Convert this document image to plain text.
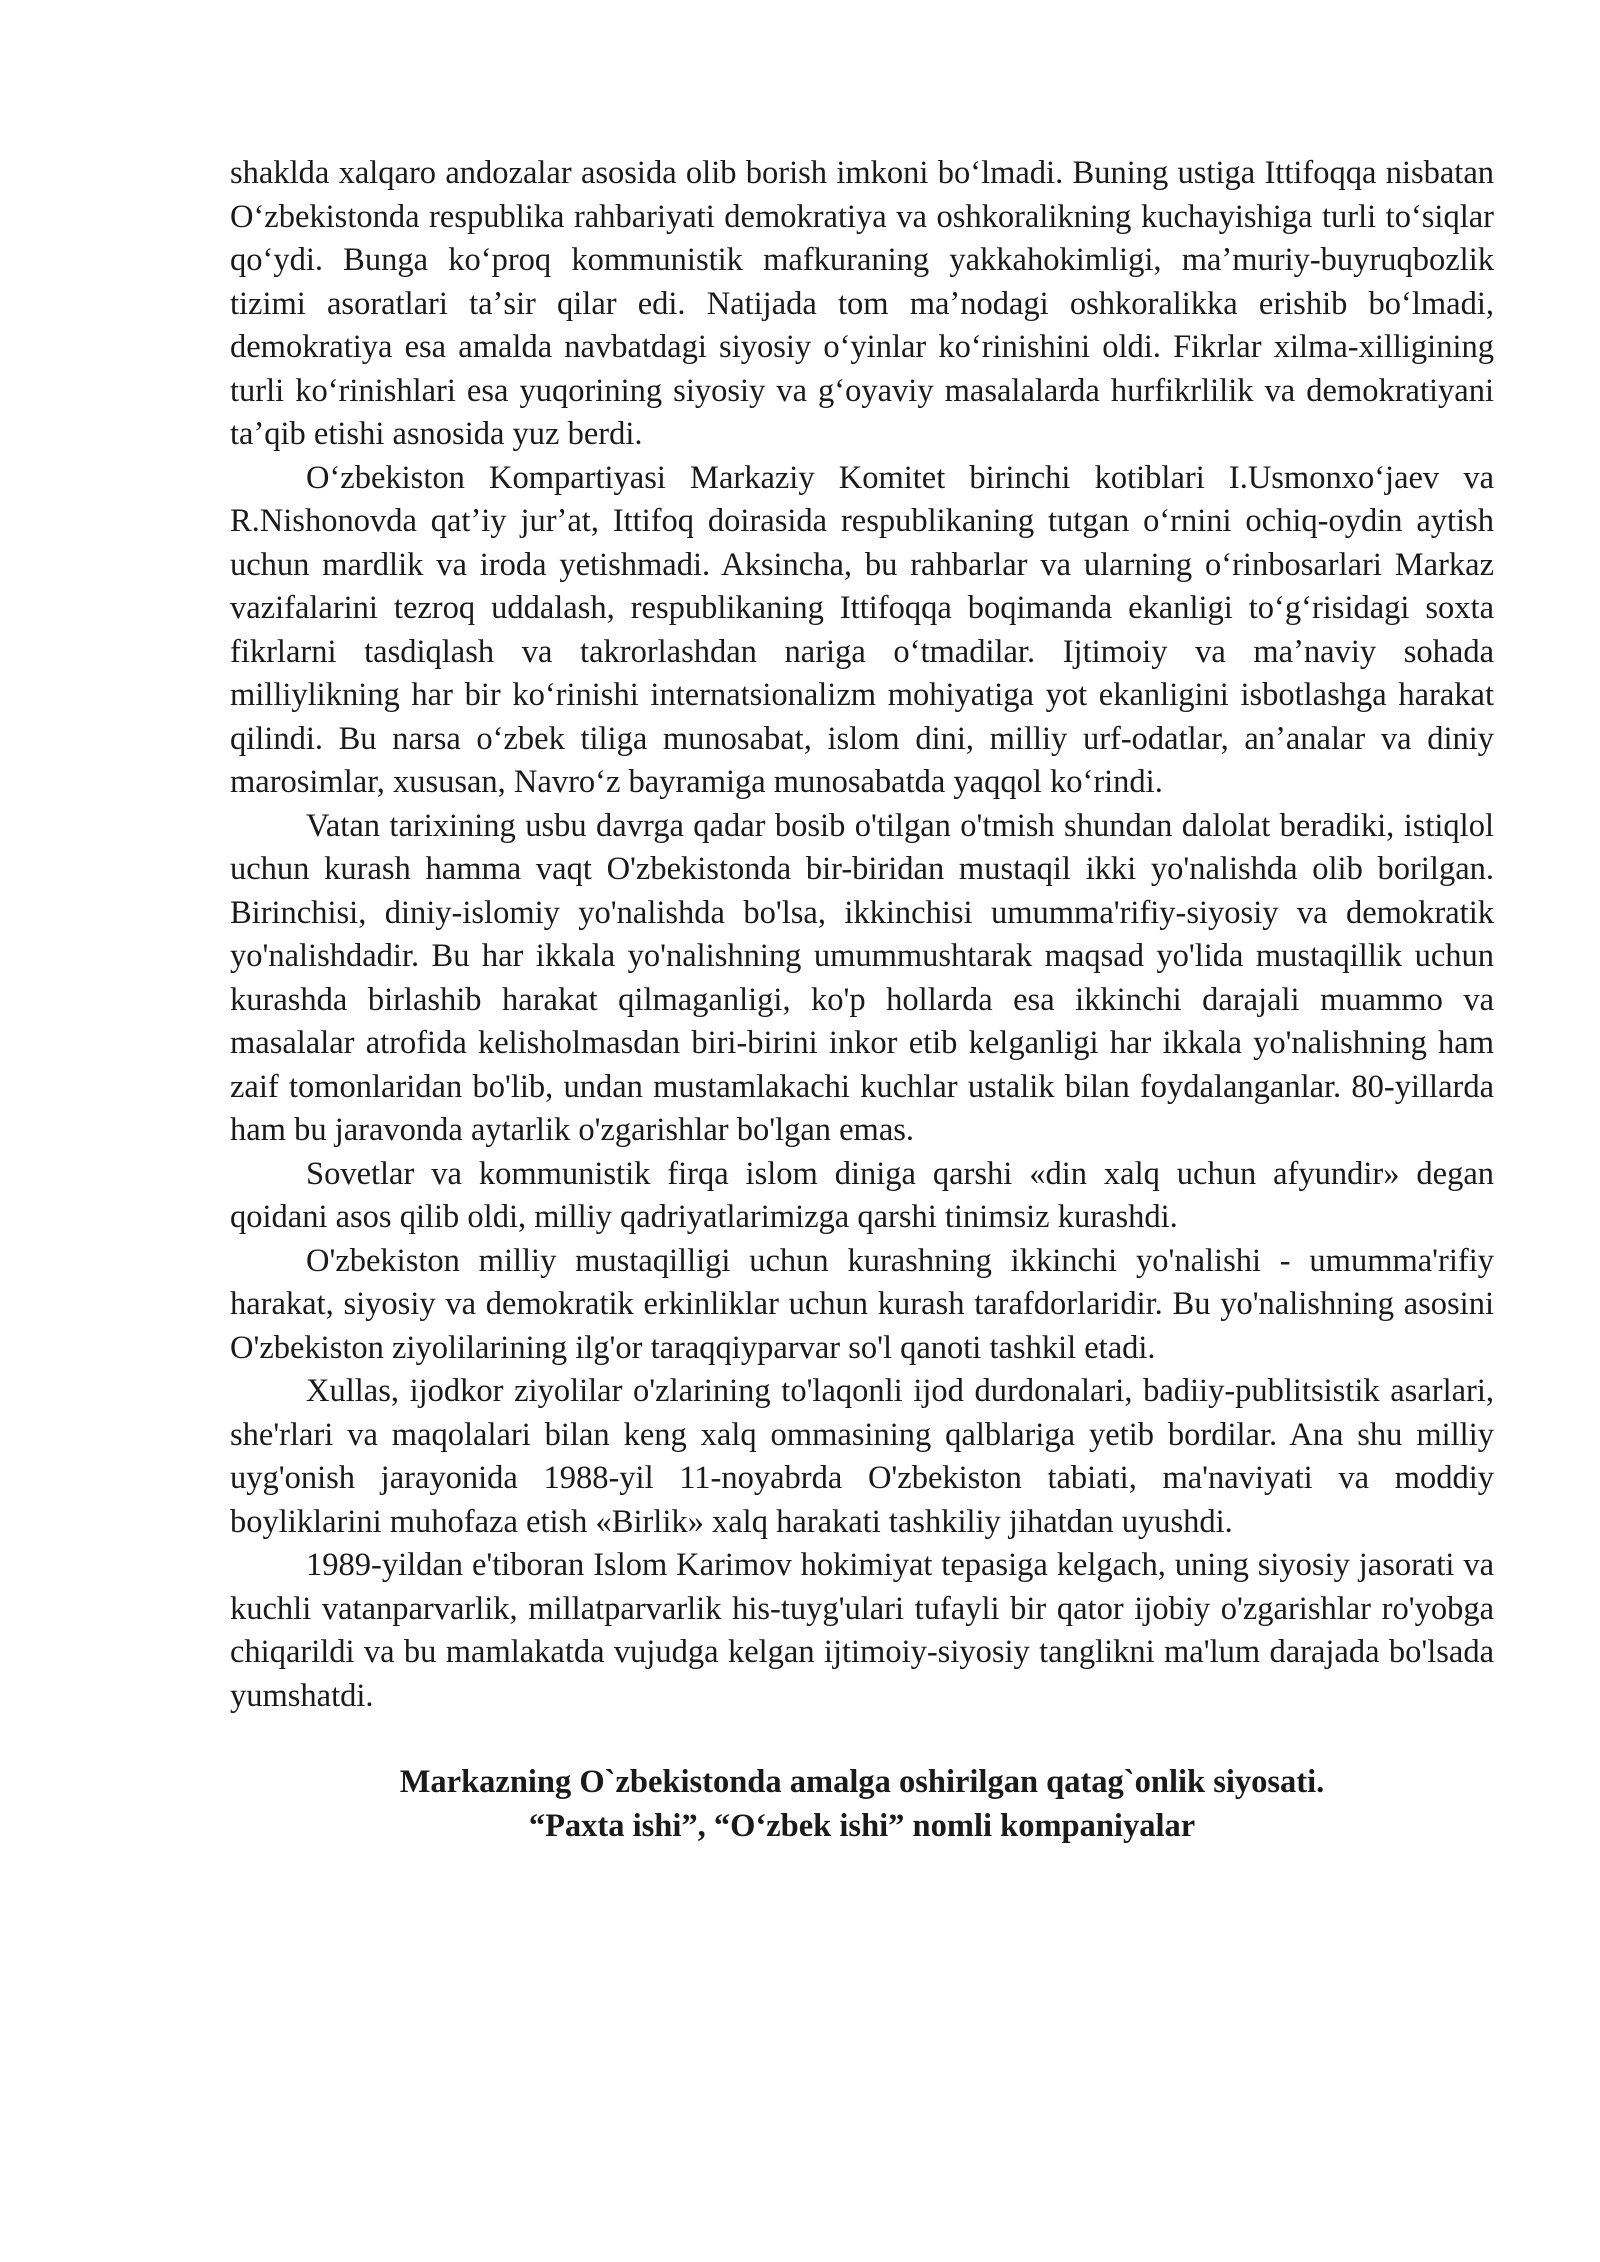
shaklda xalqaro andozalar asosida olib borish imkoni boʻlmadi. Buning ustiga Ittifoqqa nisbatan Oʻzbekistonda respublika rahbariyati demokratiya va oshkoralikning kuchayishiga turli toʻsiqlar qoʻydi. Bunga koʻproq kommunistik mafkuraning yakkahokimligi, maʼmuriy-buyruqbozlik tizimi asoratlari taʼsir qilar edi. Natijada tom maʼnodagi oshkoralikka erishib boʻlmadi, demokratiya esa amalda navbatdagi siyosiy oʻyinlar koʻrinishini oldi. Fikrlar xilma-xilligining turli koʻrinishlari esa yuqorining siyosiy va gʻoyaviy masalalarda hurfikrlilik va demokratiyani taʼqib etishi asnosida yuz berdi.

Oʻzbekiston Kompartiyasi Markaziy Komitet birinchi kotiblari I.Usmonxoʻjaev va R.Nishonovda qatʼiy jurʼat, Ittifoq doirasida respublikaning tutgan oʻrnini ochiq-oydin aytish uchun mardlik va iroda yetishmadi. Aksincha, bu rahbarlar va ularning oʻrinbosarlari Markaz vazifalarini tezroq uddalash, respublikaning Ittifoqqa boqimanda ekanligi toʻgʻrisidagi soxta fikrlarni tasdiqlash va takrorlashdan nariga oʻtmadilar. Ijtimoiy va maʼnaviy sohada milliylikning har bir koʻrinishi internatsionalizm mohiyatiga yot ekanligini isbotlashga harakat qilindi. Bu narsa oʻzbek tiliga munosabat, islom dini, milliy urf-odatlar, anʼanalar va diniy marosimlar, xususan, Navroʻz bayramiga munosabatda yaqqol koʻrindi.

Vatan tarixining usbu davrga qadar bosib o'tilgan o'tmish shundan dalolat beradiki, istiqlol uchun kurash hamma vaqt O'zbekistonda bir-biridan mustaqil ikki yo'nalishda olib borilgan. Birinchisi, diniy-islomiy yo'nalishda bo'lsa, ikkinchisi umumma'rifiy-siyosiy va demokratik yo'nalishdadir. Bu har ikkala yo'nalishning umummushtarak maqsad yo'lida mustaqillik uchun kurashda birlashib harakat qilmaganligi, ko'p hollarda esa ikkinchi darajali muammo va masalalar atrofida kelisholmasdan biri-birini inkor etib kelganligi har ikkala yo'nalishning ham zaif tomonlaridan bo'lib, undan mustamlakachi kuchlar ustalik bilan foydalanganlar. 80-yillarda ham bu jaravonda aytarlik o'zgarishlar bo'lgan emas.

Sovetlar va kommunistik firqa islom diniga qarshi «din xalq uchun afyundir» degan qoidani asos qilib oldi, milliy qadriyatlarimizga qarshi tinimsiz kurashdi.

O'zbekiston milliy mustaqilligi uchun kurashning ikkinchi yo'nalishi - umumma'rifiy harakat, siyosiy va demokratik erkinliklar uchun kurash tarafdorlaridir. Bu yo'nalishning asosini O'zbekiston ziyolilarining ilg'or taraqqiyparvar so'l qanoti tashkil etadi.

Xullas, ijodkor ziyolilar o'zlarining to'laqonli ijod durdonalari, badiiy-publitsistik asarlari, she'rlari va maqolalari bilan keng xalq ommasining qalblariga yetib bordilar. Ana shu milliy uyg'onish jarayonida 1988-yil 11-noyabrda O'zbekiston tabiati, ma'naviyati va moddiy boyliklarini muhofaza etish «Birlik» xalq harakati tashkiliy jihatdan uyushdi.

1989-yildan e'tiboran Islom Karimov hokimiyat tepasiga kelgach, uning siyosiy jasorati va kuchli vatanparvarlik, millatparvarlik his-tuyg'ulari tufayli bir qator ijobiy o'zgarishlar ro'yobga chiqarildi va bu mamlakatda vujudga kelgan ijtimoiy-siyosiy tanglikni ma'lum darajada bo'lsada yumshatdi.

Markazning O`zbekistonda amalga oshirilgan qatag`onlik siyosati.
“Paxta ishi”, “Oʻzbek ishi” nomli kompaniyalar
